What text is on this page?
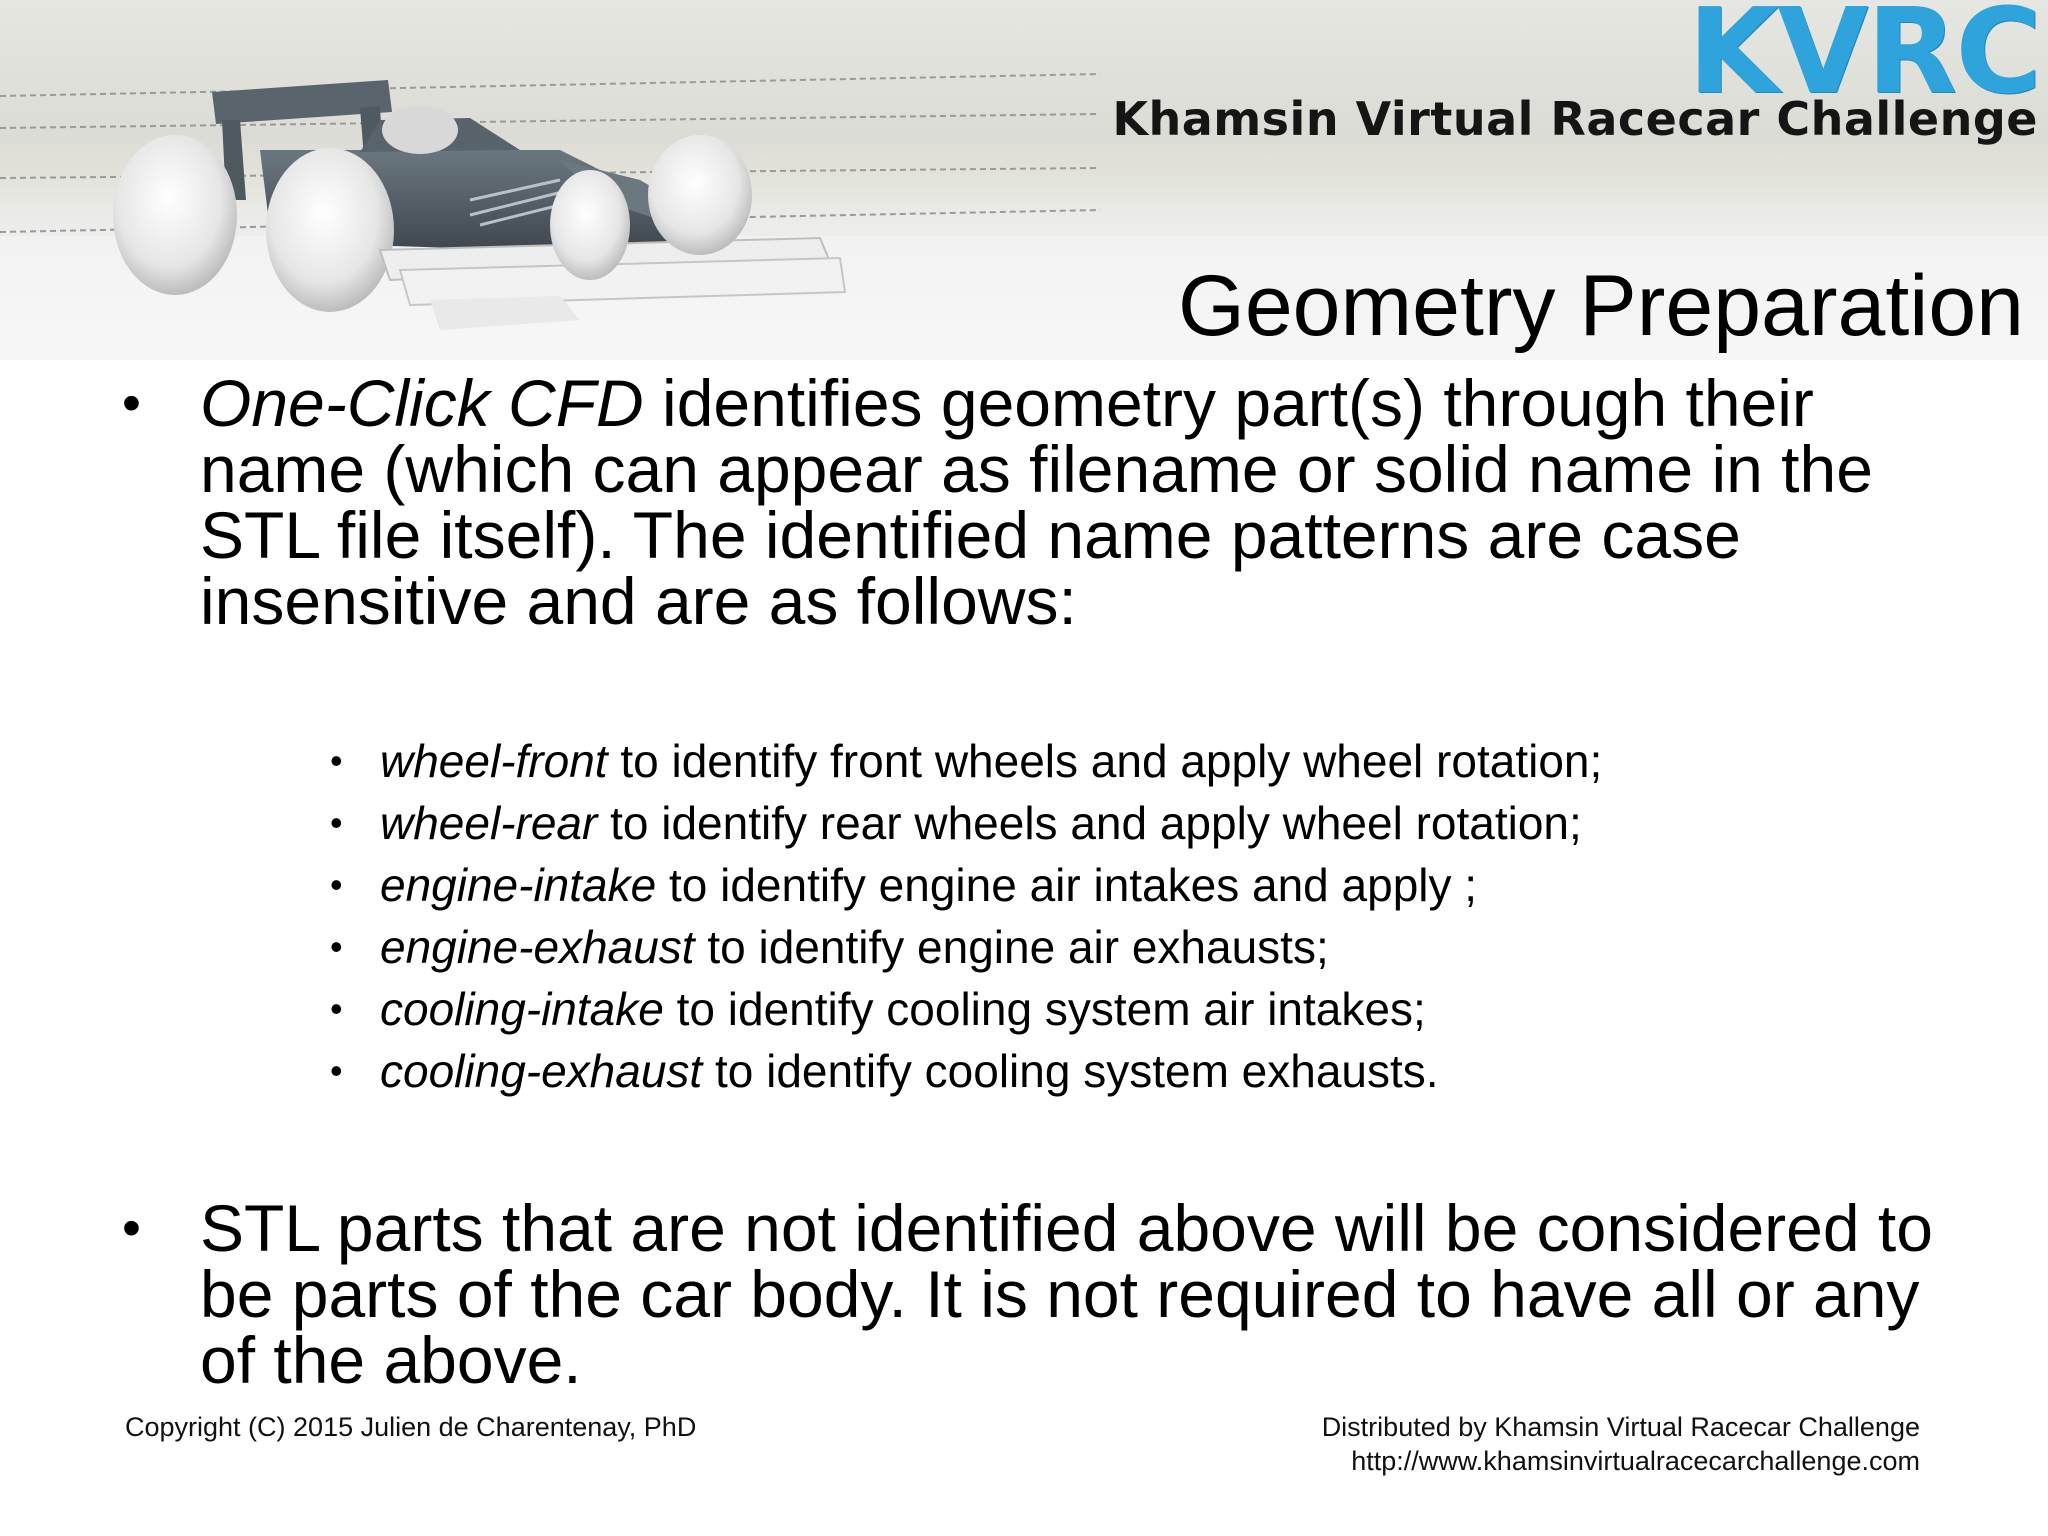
KVRC
Khamsin Virtual Racecar Challenge
Geometry Preparation
• One-Click CFD identifies geometry part(s) through their name (which can appear as filename or solid name in the STL file itself). The identified name patterns are case insensitive and are as follows:
• wheel-front to identify front wheels and apply wheel rotation;
• wheel-rear to identify rear wheels and apply wheel rotation;
• engine-intake to identify engine air intakes and apply ;
• engine-exhaust to identify engine air exhausts;
• cooling-intake to identify cooling system air intakes;
• cooling-exhaust to identify cooling system exhausts.
• STL parts that are not identified above will be considered to be parts of the car body. It is not required to have all or any of the above.
Copyright (C) 2015 Julien de Charentenay, PhD	Distributed by Khamsin Virtual Racecar Challenge
http://www.khamsinvirtualracecarchallenge.com
